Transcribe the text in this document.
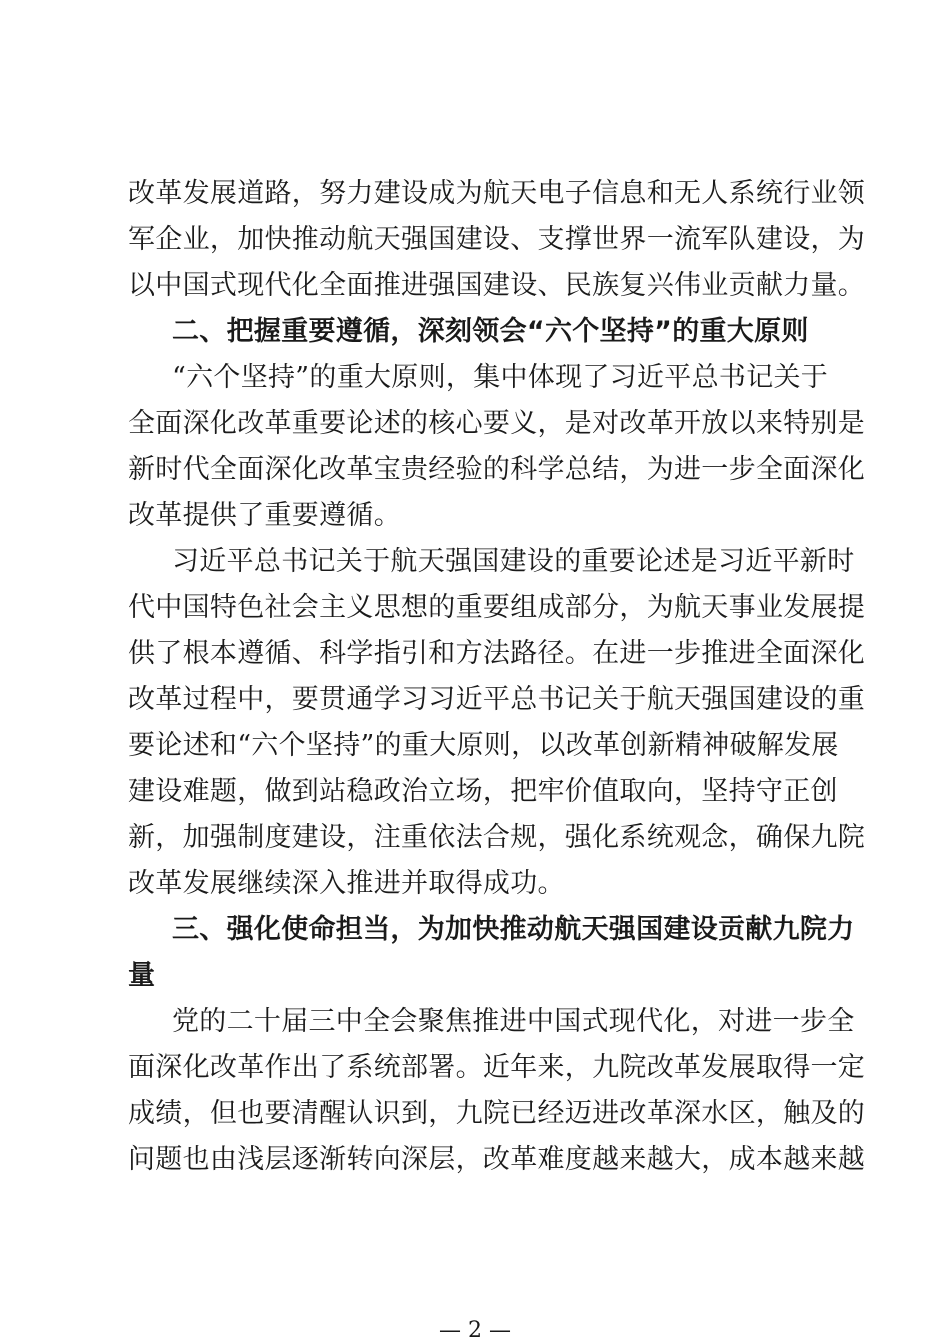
改革发展道路，努力建设成为航天电子信息和无人系统行业领
军企业，加快推动航天强国建设、支撑世界一流军队建设，为
以中国式现代化全面推进强国建设、民族复兴伟业贡献力量。
二、把握重要遵循，深刻领会“六个坚持”的重大原则
“六个坚持”的重大原则，集中体现了习近平总书记关于
全面深化改革重要论述的核心要义，是对改革开放以来特别是
新时代全面深化改革宝贵经验的科学总结，为进一步全面深化
改革提供了重要遵循。
习近平总书记关于航天强国建设的重要论述是习近平新时
代中国特色社会主义思想的重要组成部分，为航天事业发展提
供了根本遵循、科学指引和方法路径。在进一步推进全面深化
改革过程中，要贯通学习习近平总书记关于航天强国建设的重
要论述和“六个坚持”的重大原则，以改革创新精神破解发展
建设难题，做到站稳政治立场，把牢价值取向，坚持守正创
新，加强制度建设，注重依法合规，强化系统观念，确保九院
改革发展继续深入推进并取得成功。
三、强化使命担当，为加快推动航天强国建设贡献九院力
量
党的二十届三中全会聚焦推进中国式现代化，对进一步全
面深化改革作出了系统部署。近年来，九院改革发展取得一定
成绩，但也要清醒认识到，九院已经迈进改革深水区，触及的
问题也由浅层逐渐转向深层，改革难度越来越大，成本越来越
— 2 —
